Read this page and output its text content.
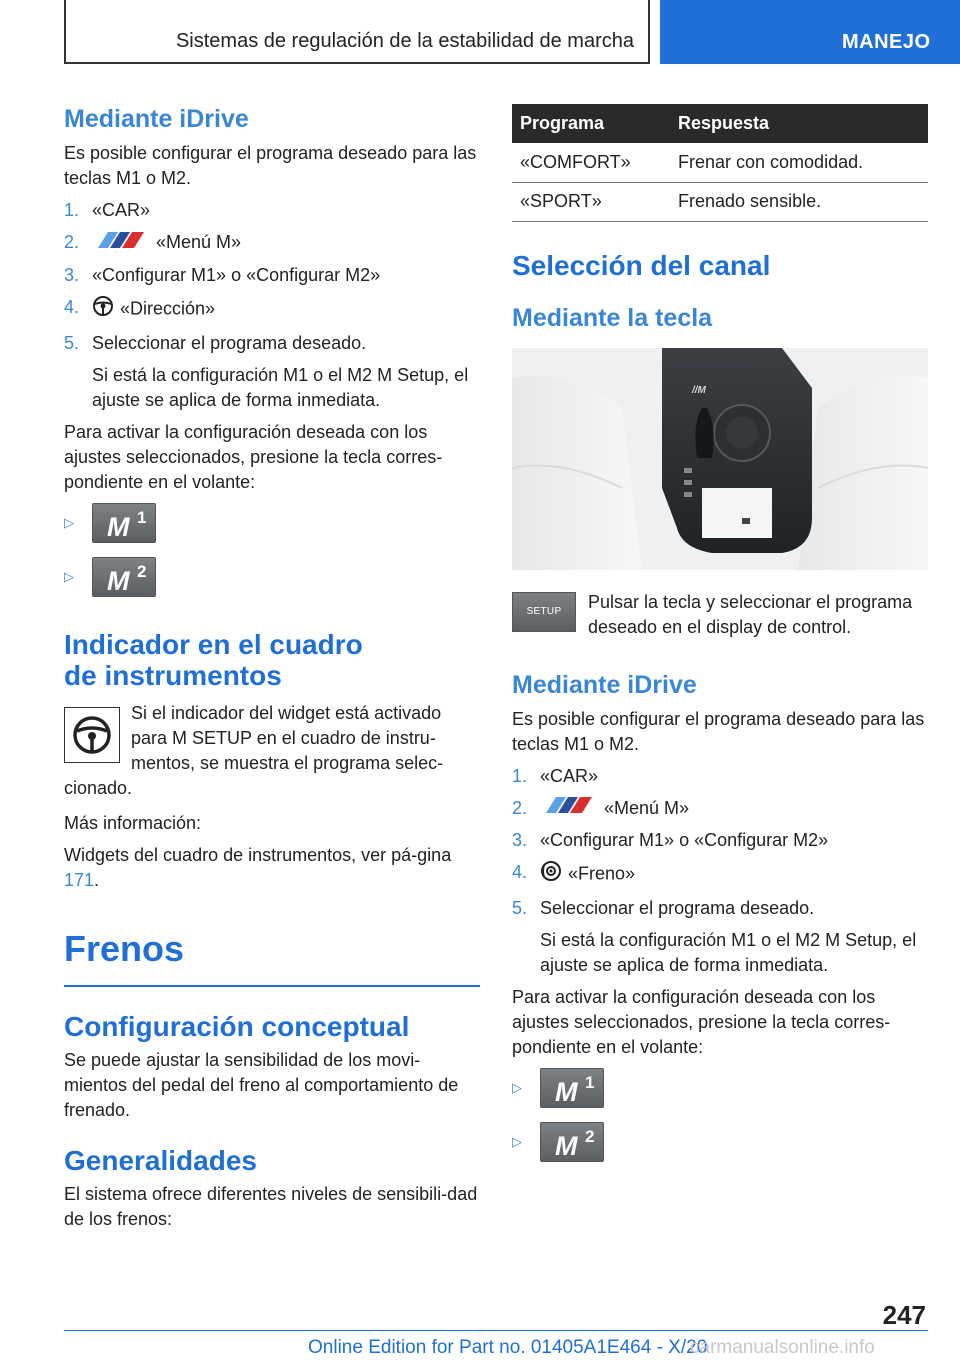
Sistemas de regulación de la estabilidad de marcha	MANEJO
Mediante iDrive
Es posible configurar el programa deseado para las teclas M1 o M2.
1. «CAR»
2.	«Menú M»
3. «Configurar M1» o «Configurar M2»
4.	«Dirección»
5. Seleccionar el programa deseado.
Si está la configuración M1 o el M2 M Setup, el ajuste se aplica de forma inmediata.
Para activar la configuración deseada con los ajustes seleccionados, presione la tecla corres-pondiente en el volante:
▷	M 1
▷	M 2
Indicador en el cuadro
de instrumentos
Si el indicador del widget está activado
para M SETUP en el cuadro de instru-
mentos, se muestra el programa selec-
cionado.
Más información:
Widgets del cuadro de instrumentos, ver pá-gina 171.
Frenos
Configuración conceptual
Se puede ajustar la sensibilidad de los movi-mientos del pedal del freno al comportamiento de frenado.
Generalidades
El sistema ofrece diferentes niveles de sensibili-dad de los frenos:
Programa	Respuesta
«COMFORT»	Frenar con comodidad.
«SPORT»	Frenado sensible.
Selección del canal
Mediante la tecla
//M
SETUP	Pulsar la tecla y seleccionar el programa deseado en el display de control.
Mediante iDrive
Es posible configurar el programa deseado para las teclas M1 o M2.
1. «CAR»
2.	«Menú M»
3. «Configurar M1» o «Configurar M2»
4.	«Freno»
5. Seleccionar el programa deseado.
Si está la configuración M1 o el M2 M Setup, el ajuste se aplica de forma inmediata.
Para activar la configuración deseada con los ajustes seleccionados, presione la tecla corres-pondiente en el volante:
▷	M 1
▷	M 2
247
Online Edition for Part no. 01405A1E464 - X/20
carmanualsonline.info
